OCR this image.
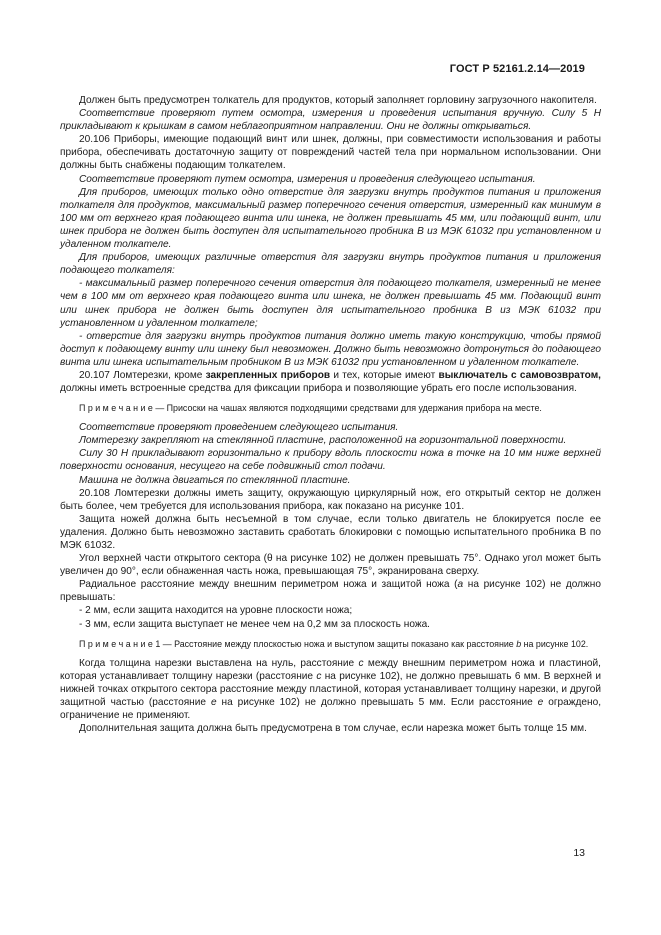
ГОСТ Р 52161.2.14—2019

Должен быть предусмотрен толкатель для продуктов, который заполняет горловину загрузочного накопителя.

Соответствие проверяют путем осмотра, измерения и проведения испытания вручную. Силу 5 Н прикладывают к крышкам в самом неблагоприятном направлении. Они не должны открываться.

20.106 Приборы, имеющие подающий винт или шнек, должны, при совместимости использования и работы прибора, обеспечивать достаточную защиту от повреждений частей тела при нормальном использовании. Они должны быть снабжены подающим толкателем.

Соответствие проверяют путем осмотра, измерения и проведения следующего испытания.

Для приборов, имеющих только одно отверстие для загрузки внутрь продуктов питания и приложения толкателя для продуктов, максимальный размер поперечного сечения отверстия, измеренный как минимум в 100 мм от верхнего края подающего винта или шнека, не должен превышать 45 мм, или подающий винт, или шнек прибора не должен быть доступен для испытательного пробника В из МЭК 61032 при установленном и удаленном толкателе.

Для приборов, имеющих различные отверстия для загрузки внутрь продуктов питания и приложения подающего толкателя:

- максимальный размер поперечного сечения отверстия для подающего толкателя, измеренный не менее чем в 100 мм от верхнего края подающего винта или шнека, не должен превышать 45 мм. Подающий винт или шнек прибора не должен быть доступен для испытательного пробника В из МЭК 61032 при установленном и удаленном толкателе;

- отверстие для загрузки внутрь продуктов питания должно иметь такую конструкцию, чтобы прямой доступ к подающему винту или шнеку был невозможен. Должно быть невозможно дотронуться до подающего винта или шнека испытательным пробником В из МЭК 61032 при установленном и удаленном толкателе.

20.107 Ломтерезки, кроме закрепленных приборов и тех, которые имеют выключатель с самовозвратом, должны иметь встроенные средства для фиксации прибора и позволяющие убрать его после использования.

П р и м е ч а н и е — Присоски на чашах являются подходящими средствами для удержания прибора на месте.

Соответствие проверяют проведением следующего испытания.

Ломтерезку закрепляют на стеклянной пластине, расположенной на горизонтальной поверхности.

Силу 30 Н прикладывают горизонтально к прибору вдоль плоскости ножа в точке на 10 мм ниже верхней поверхности основания, несущего на себе подвижный стол подачи.

Машина не должна двигаться по стеклянной пластине.

20.108 Ломтерезки должны иметь защиту, окружающую циркулярный нож, его открытый сектор не должен быть более, чем требуется для использования прибора, как показано на рисунке 101.

Защита ножей должна быть несъемной в том случае, если только двигатель не блокируется после ее удаления. Должно быть невозможно заставить сработать блокировки с помощью испытательного пробника В по МЭК 61032.

Угол верхней части открытого сектора (θ на рисунке 102) не должен превышать 75°. Однако угол может быть увеличен до 90°, если обнаженная часть ножа, превышающая 75°, экранирована сверху.

Радиальное расстояние между внешним периметром ножа и защитой ножа (а на рисунке 102) не должно превышать:

- 2 мм, если защита находится на уровне плоскости ножа;

- 3 мм, если защита выступает не менее чем на 0,2 мм за плоскость ножа.

П р и м е ч а н и е 1 — Расстояние между плоскостью ножа и выступом защиты показано как расстояние b на рисунке 102.

Когда толщина нарезки выставлена на нуль, расстояние с между внешним периметром ножа и пластиной, которая устанавливает толщину нарезки (расстояние с на рисунке 102), не должно превышать 6 мм. В верхней и нижней точках открытого сектора расстояние между пластиной, которая устанавливает толщину нарезки, и другой защитной частью (расстояние е на рисунке 102) не должно превышать 5 мм. Если расстояние е ограждено, ограничение не применяют.

Дополнительная защита должна быть предусмотрена в том случае, если нарезка может быть толще 15 мм.

13
